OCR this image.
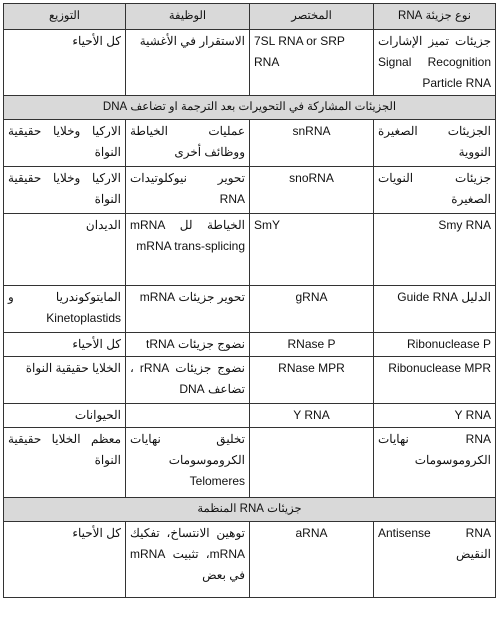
نوع جزيئة RNA	المختصر	الوظيفة	التوزيع
جزيئات تميز الإشارات Signal Recognition Particle RNA	7SL RNA or SRP RNA	الاستقرار في الأغشية	كل الأحياء
الجزيئات المشاركة في التحويرات بعد الترجمة او تضاعف DNA			
الجزيئات الصغيرة النووية	snRNA	عمليات الخياطة ووظائف أخرى	الاركيا وخلايا حقيقية النواة
جزيئات النويات الصغيرة	snoRNA	تحوير نيوكلوتيدات RNA	الاركيا وخلايا حقيقية النواة
Smy RNA	SmY	الخياطة لل mRNA mRNA trans-splicing	الديدان
الدليل Guide RNA	gRNA	تحوير جزيئات mRNA	المايتوكوندريا و Kinetoplastids
Ribonuclease P	RNase P	نضوج جزيئات tRNA	كل الأحياء
Ribonuclease MPR	RNase MPR	نضوج جزيئات rRNA ، تضاعف DNA	الخلايا حقيقية النواة
Y RNA	Y RNA		الحيوانات
RNA نهايات الكروموسومات		تخليق نهايات الكروموسومات Telomeres	معظم الخلايا حقيقية النواة
جزيئات RNA المنظمة			
Antisense RNA النقيض	aRNA	توهين الانتساخ، تفكيك mRNA، تثبيت mRNA في بعض	كل الأحياء
